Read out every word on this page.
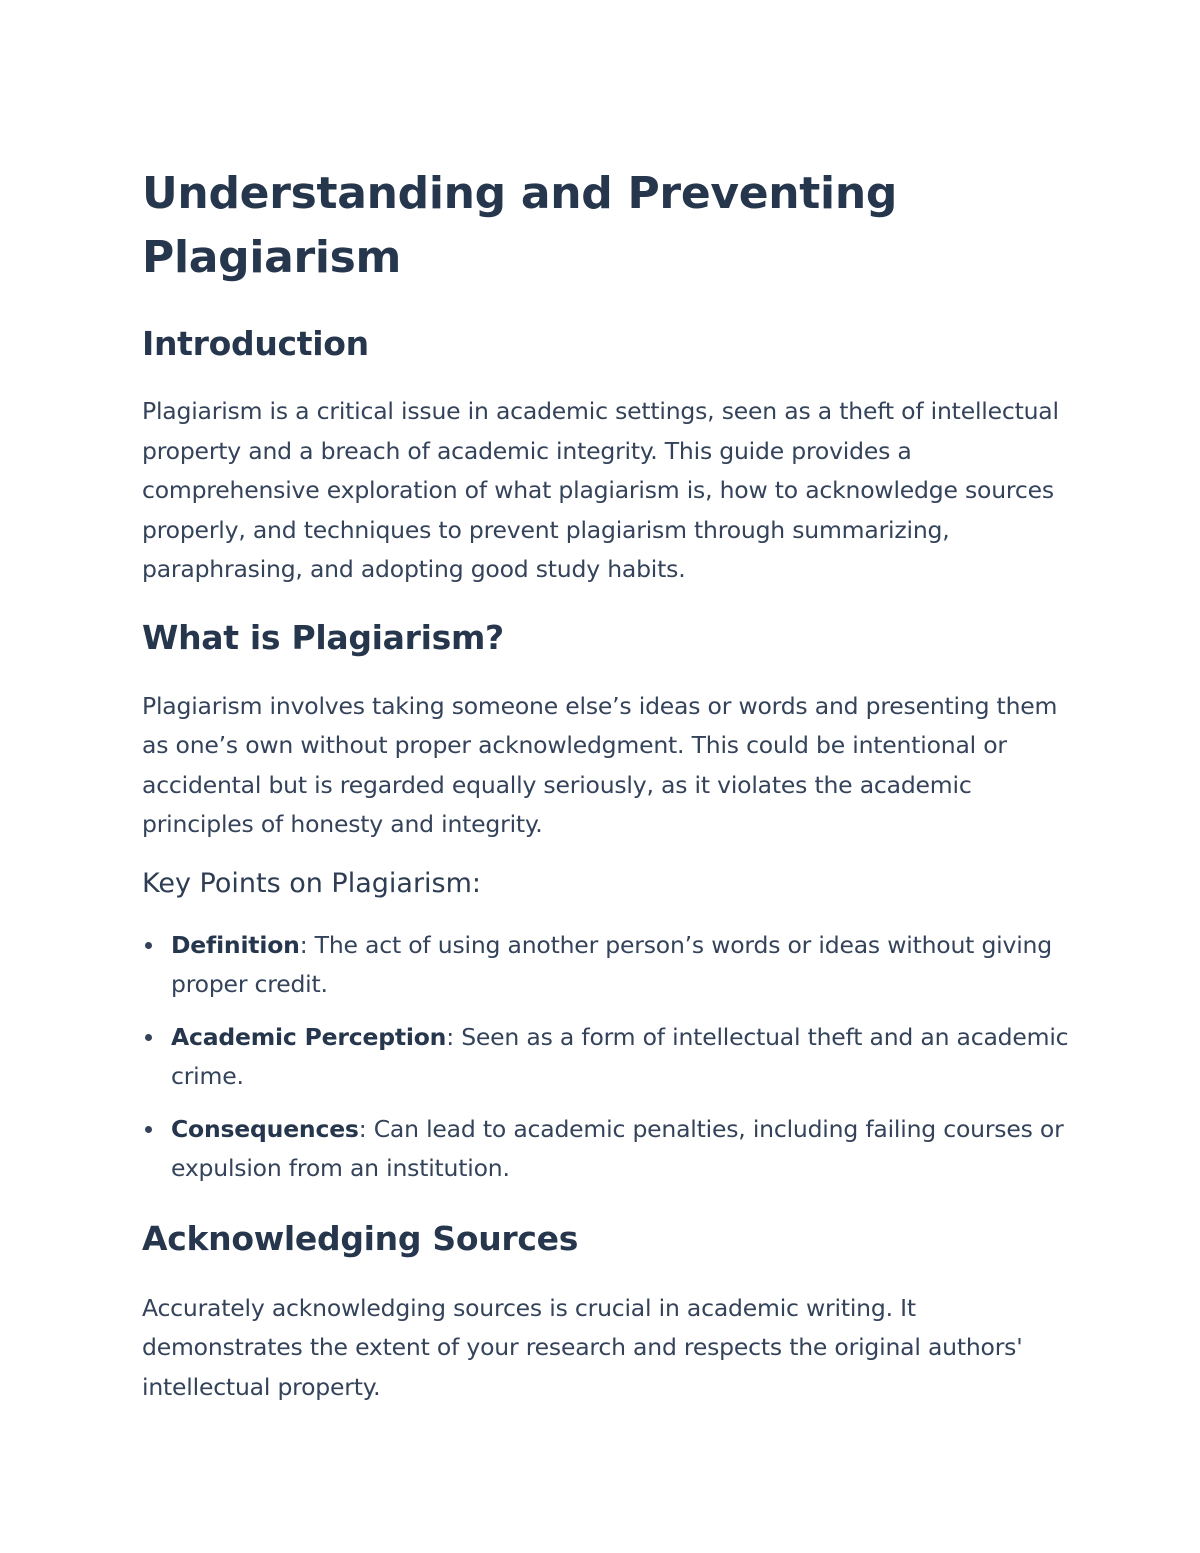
Understanding and Preventing Plagiarism
Introduction

Plagiarism is a critical issue in academic settings, seen as a theft of intellectual property and a breach of academic integrity. This guide provides a comprehensive exploration of what plagiarism is, how to acknowledge sources properly, and techniques to prevent plagiarism through summarizing, paraphrasing, and adopting good study habits.

What is Plagiarism?

Plagiarism involves taking someone else’s ideas or words and presenting them as one’s own without proper acknowledgment. This could be intentional or accidental but is regarded equally seriously, as it violates the academic principles of honesty and integrity.

Key Points on Plagiarism:
Definition: The act of using another person’s words or ideas without giving proper credit.
Academic Perception: Seen as a form of intellectual theft and an academic crime.
Consequences: Can lead to academic penalties, including failing courses or expulsion from an institution.
Acknowledging Sources

Accurately acknowledging sources is crucial in academic writing. It demonstrates the extent of your research and respects the original authors' intellectual property.
